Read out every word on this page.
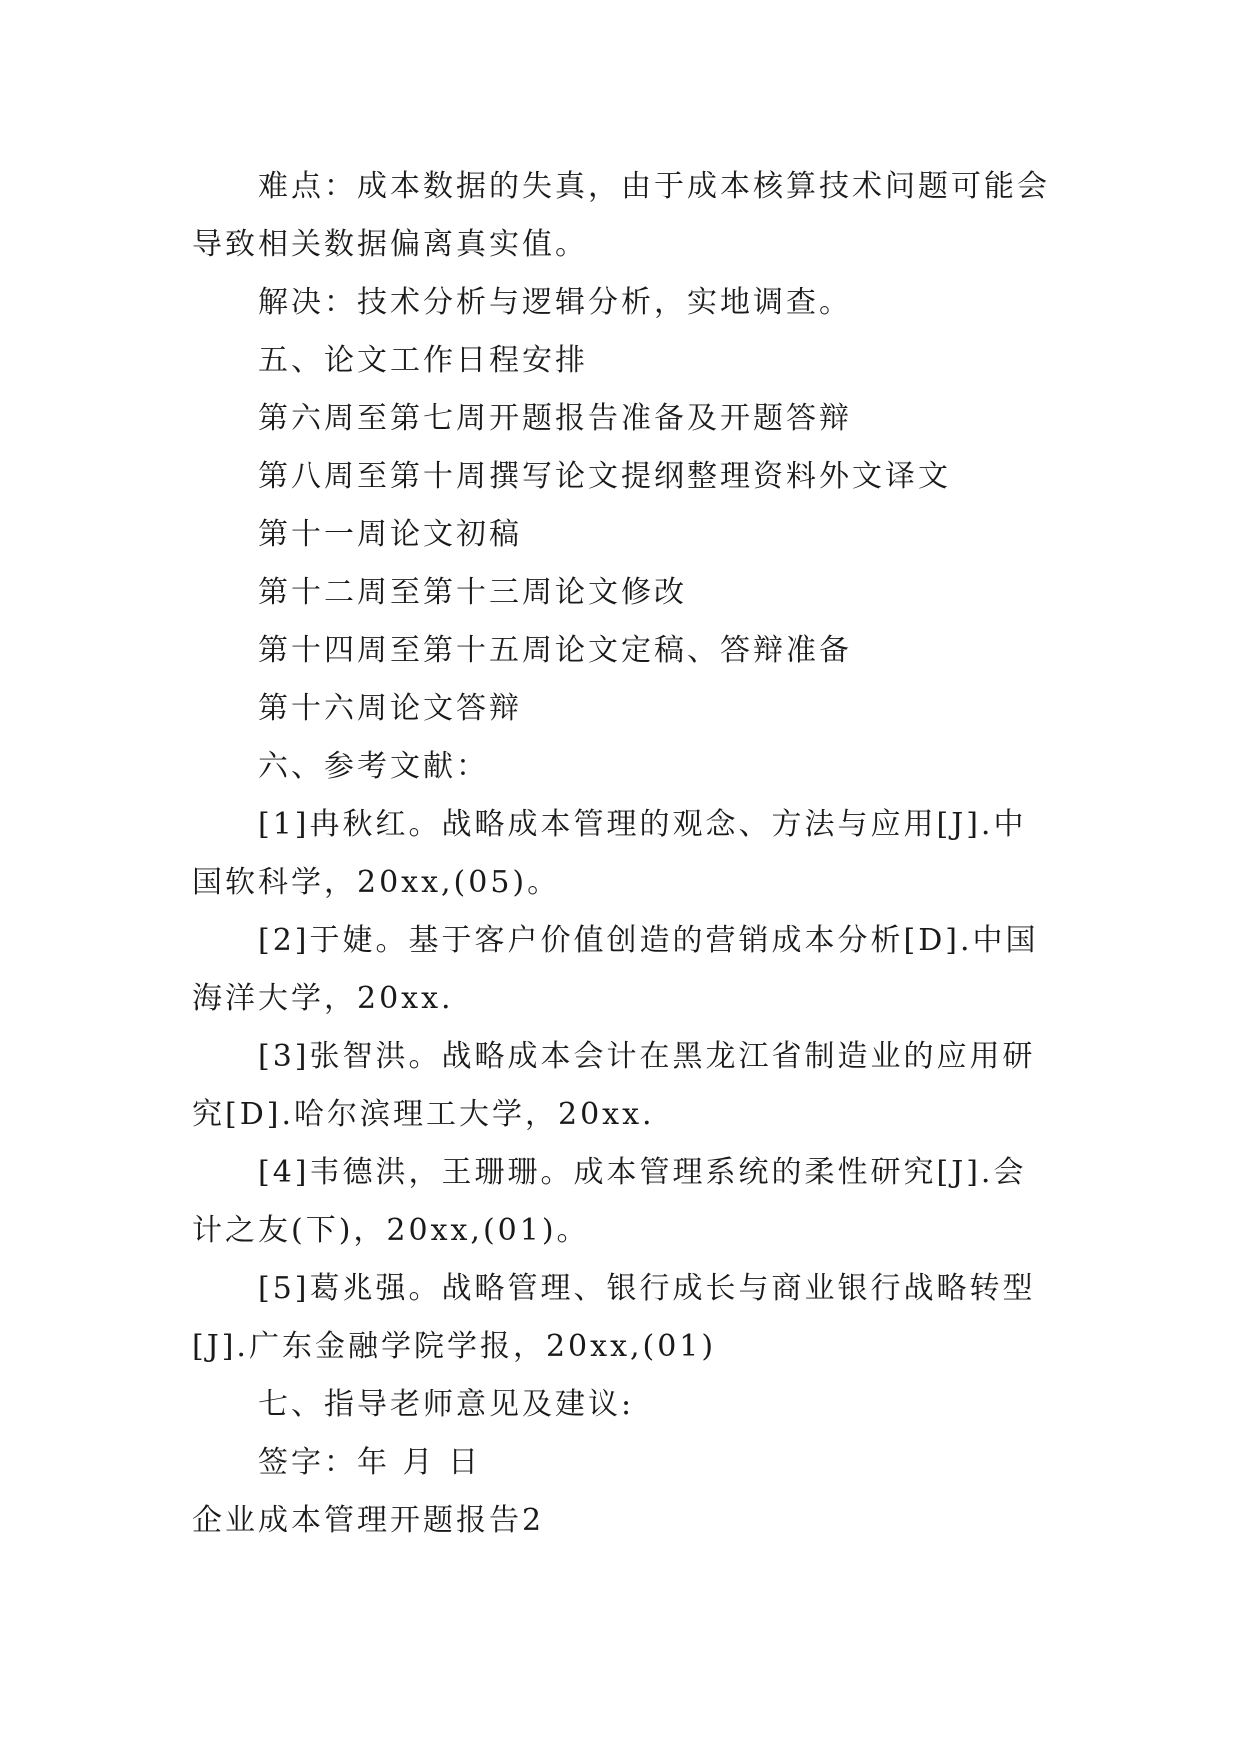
难点：成本数据的失真，由于成本核算技术问题可能会导致相关数据偏离真实值。

解决：技术分析与逻辑分析，实地调查。

五、论文工作日程安排

第六周至第七周开题报告准备及开题答辩

第八周至第十周撰写论文提纲整理资料外文译文

第十一周论文初稿

第十二周至第十三周论文修改

第十四周至第十五周论文定稿、答辩准备

第十六周论文答辩

六、参考文献：

[1]冉秋红。战略成本管理的观念、方法与应用[J].中国软科学，20xx,(05)。

[2]于婕。基于客户价值创造的营销成本分析[D].中国海洋大学，20xx.

[3]张智洪。战略成本会计在黑龙江省制造业的应用研究[D].哈尔滨理工大学，20xx.

[4]韦德洪，王珊珊。成本管理系统的柔性研究[J].会计之友(下)，20xx,(01)。

[5]葛兆强。战略管理、银行成长与商业银行战略转型[J].广东金融学院学报，20xx,(01)

七、指导老师意见及建议:

签字：年 月 日

企业成本管理开题报告2
